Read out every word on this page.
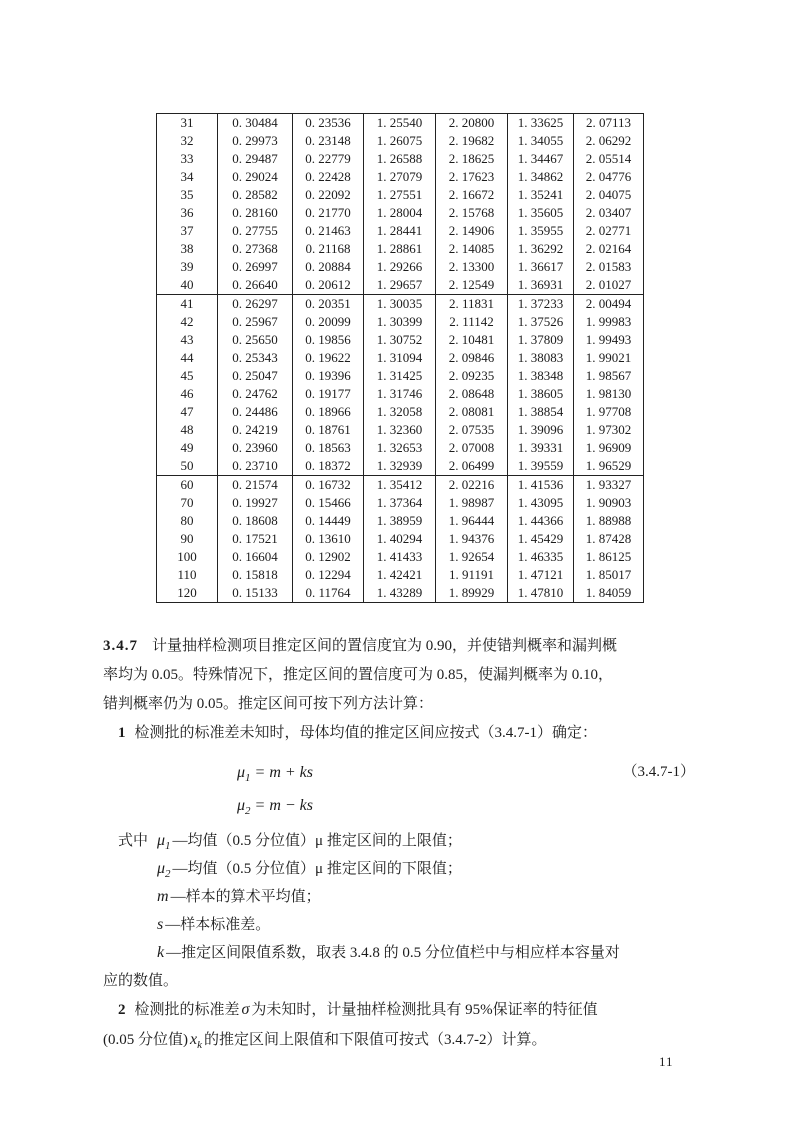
31	0. 30484	0. 23536	1. 25540	2. 20800	1. 33625	2. 07113
32	0. 29973	0. 23148	1. 26075	2. 19682	1. 34055	2. 06292
33	0. 29487	0. 22779	1. 26588	2. 18625	1. 34467	2. 05514
34	0. 29024	0. 22428	1. 27079	2. 17623	1. 34862	2. 04776
35	0. 28582	0. 22092	1. 27551	2. 16672	1. 35241	2. 04075
36	0. 28160	0. 21770	1. 28004	2. 15768	1. 35605	2. 03407
37	0. 27755	0. 21463	1. 28441	2. 14906	1. 35955	2. 02771
38	0. 27368	0. 21168	1. 28861	2. 14085	1. 36292	2. 02164
39	0. 26997	0. 20884	1. 29266	2. 13300	1. 36617	2. 01583
40	0. 26640	0. 20612	1. 29657	2. 12549	1. 36931	2. 01027
41	0. 26297	0. 20351	1. 30035	2. 11831	1. 37233	2. 00494
42	0. 25967	0. 20099	1. 30399	2. 11142	1. 37526	1. 99983
43	0. 25650	0. 19856	1. 30752	2. 10481	1. 37809	1. 99493
44	0. 25343	0. 19622	1. 31094	2. 09846	1. 38083	1. 99021
45	0. 25047	0. 19396	1. 31425	2. 09235	1. 38348	1. 98567
46	0. 24762	0. 19177	1. 31746	2. 08648	1. 38605	1. 98130
47	0. 24486	0. 18966	1. 32058	2. 08081	1. 38854	1. 97708
48	0. 24219	0. 18761	1. 32360	2. 07535	1. 39096	1. 97302
49	0. 23960	0. 18563	1. 32653	2. 07008	1. 39331	1. 96909
50	0. 23710	0. 18372	1. 32939	2. 06499	1. 39559	1. 96529
60	0. 21574	0. 16732	1. 35412	2. 02216	1. 41536	1. 93327
70	0. 19927	0. 15466	1. 37364	1. 98987	1. 43095	1. 90903
80	0. 18608	0. 14449	1. 38959	1. 96444	1. 44366	1. 88988
90	0. 17521	0. 13610	1. 40294	1. 94376	1. 45429	1. 87428
100	0. 16604	0. 12902	1. 41433	1. 92654	1. 46335	1. 86125
110	0. 15818	0. 12294	1. 42421	1. 91191	1. 47121	1. 85017
120	0. 15133	0. 11764	1. 43289	1. 89929	1. 47810	1. 84059
3.4.7 计量抽样检测项目推定区间的置信度宜为 0.90，并使错判概率和漏判概
率均为 0.05。特殊情况下，推定区间的置信度可为 0.85，使漏判概率为 0.10，
错判概率仍为 0.05。推定区间可按下列方法计算：
1 检测批的标准差未知时，母体均值的推定区间应按式（3.4.7-1）确定：
$\mu_1 = m$ + ks	（3.4.7-1）
$\mu_2 = m$ − ks
式中 $\mu_1$ —均值（0.5 分位值）μ 推定区间的上限值；
$\mu_2$ —均值（0.5 分位值）μ 推定区间的下限值；
m —样本的算术平均值；
s —样本标准差。
k —推定区间限值系数，取表 3.4.8 的 0.5 分位值栏中与相应样本容量对
应的数值。
2 检测批的标准差 σ 为未知时，计量抽样检测批具有 95%保证率的特征值
(0.05 分位值) $x_k$ 的推定区间上限值和下限值可按式（3.4.7-2）计算。
11
